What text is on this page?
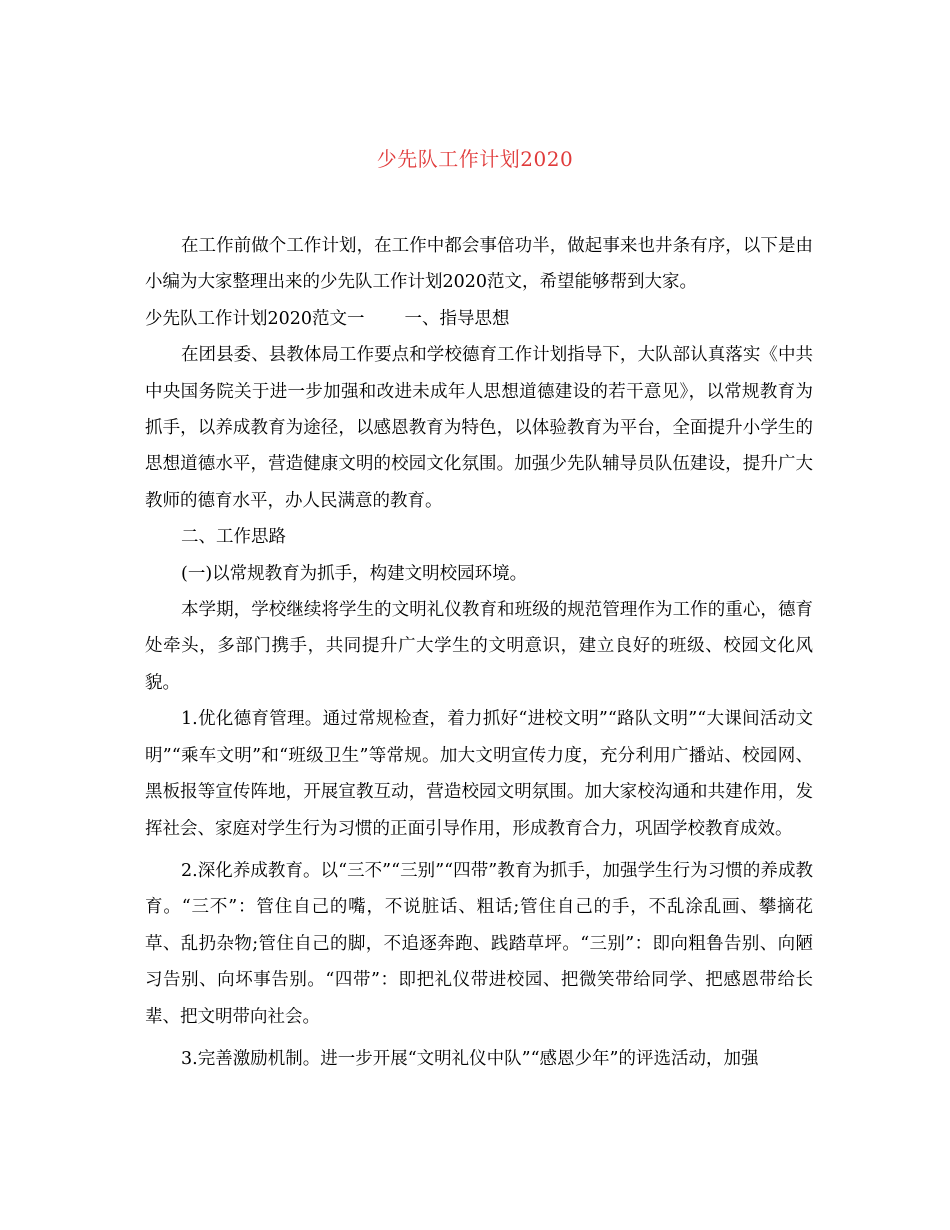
少先队工作计划2020

在工作前做个工作计划，在工作中都会事倍功半，做起事来也井条有序，以下是由小编为大家整理出来的少先队工作计划2020范文，希望能够帮到大家。

少先队工作计划2020范文一 一、指导思想

在团县委、县教体局工作要点和学校德育工作计划指导下，大队部认真落实《中共中央国务院关于进一步加强和改进未成年人思想道德建设的若干意见》，以常规教育为抓手，以养成教育为途径，以感恩教育为特色，以体验教育为平台，全面提升小学生的思想道德水平，营造健康文明的校园文化氛围。加强少先队辅导员队伍建设，提升广大教师的德育水平，办人民满意的教育。

二、工作思路

(一)以常规教育为抓手，构建文明校园环境。

本学期，学校继续将学生的文明礼仪教育和班级的规范管理作为工作的重心，德育处牵头，多部门携手，共同提升广大学生的文明意识，建立良好的班级、校园文化风貌。

1.优化德育管理。通过常规检查，着力抓好“进校文明”“路队文明”“大课间活动文明”“乘车文明”和“班级卫生”等常规。加大文明宣传力度，充分利用广播站、校园网、黑板报等宣传阵地，开展宣教互动，营造校园文明氛围。加大家校沟通和共建作用，发挥社会、家庭对学生行为习惯的正面引导作用，形成教育合力，巩固学校教育成效。

2.深化养成教育。以“三不”“三别”“四带”教育为抓手，加强学生行为习惯的养成教育。“三不”：管住自己的嘴，不说脏话、粗话;管住自己的手，不乱涂乱画、攀摘花草、乱扔杂物;管住自己的脚，不追逐奔跑、践踏草坪。“三别”：即向粗鲁告别、向陋习告别、向坏事告别。“四带”：即把礼仪带进校园、把微笑带给同学、把感恩带给长辈、把文明带向社会。

3.完善激励机制。进一步开展“文明礼仪中队”“感恩少年”的评选活动，加强
